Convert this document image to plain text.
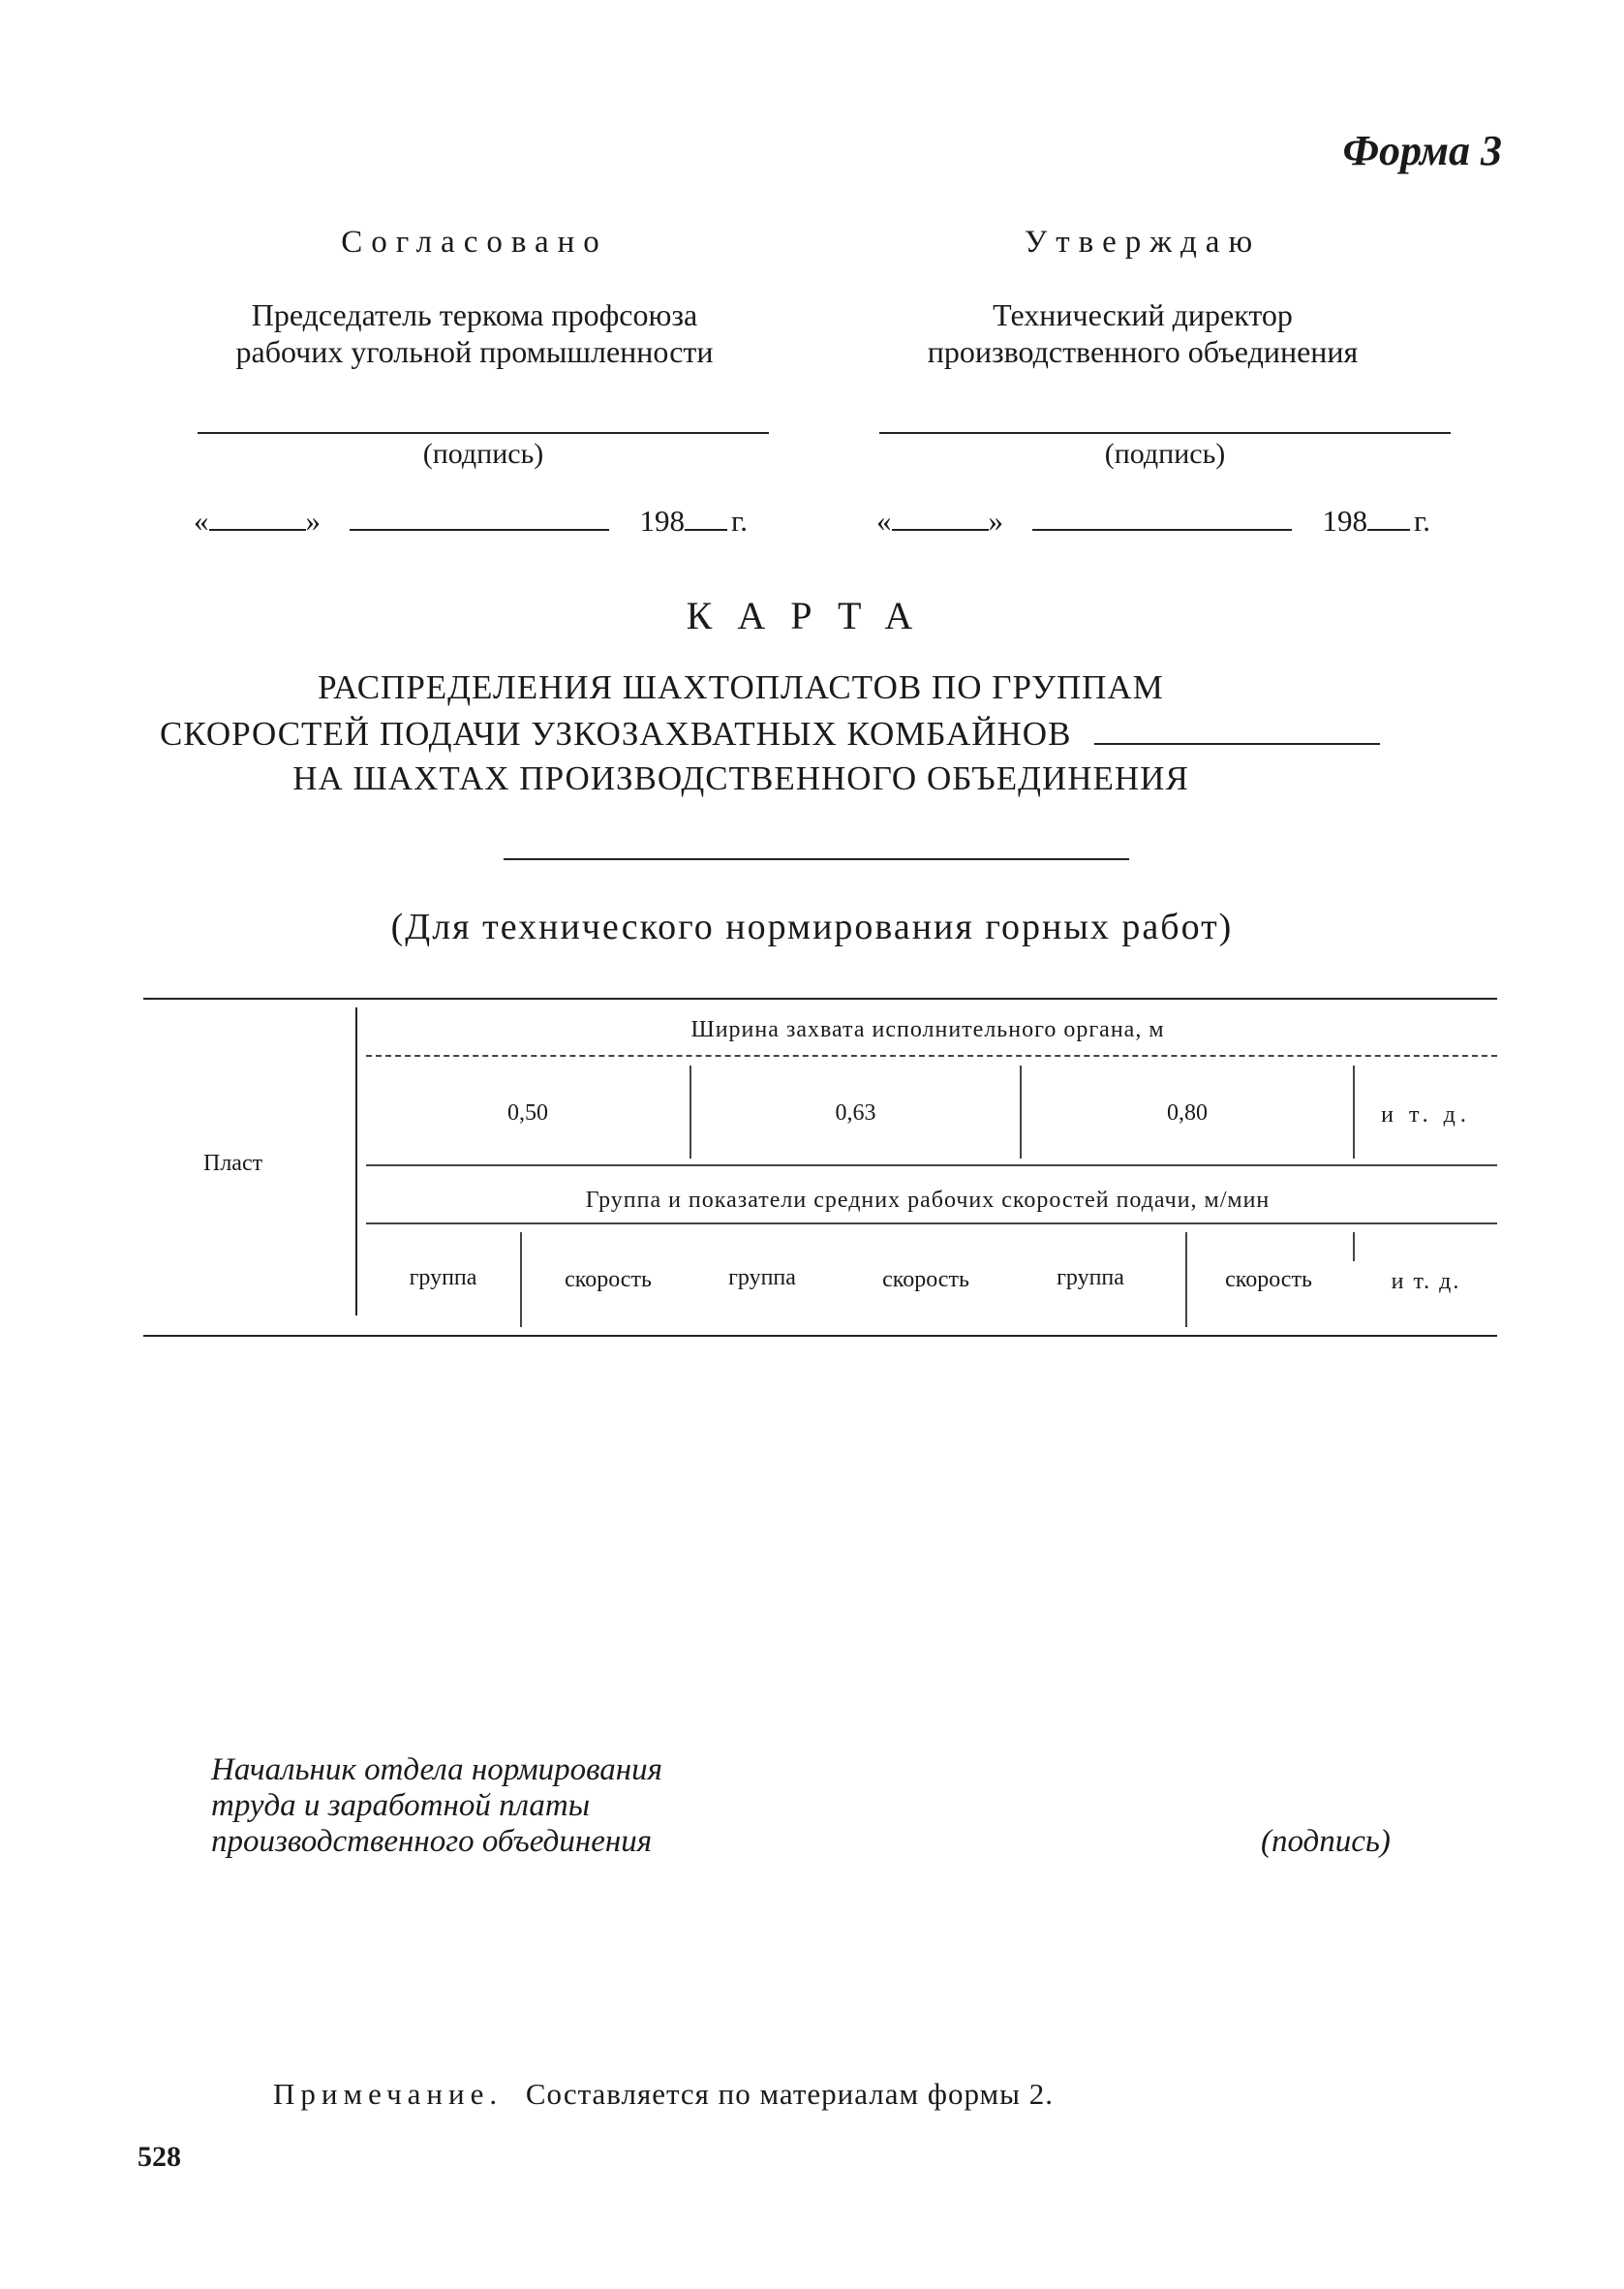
Форма 3
Согласовано
Председатель теркома профсоюза
рабочих угольной промышленности
(подпись)
«	»	198 г.
Утверждаю
Технический директор
производственного объединения
(подпись)
«	»	198 г.
КАРТА
РАСПРЕДЕЛЕНИЯ ШАХТОПЛАСТОВ ПО ГРУППАМ
СКОРОСТЕЙ ПОДАЧИ УЗКОЗАХВАТНЫХ КОМБАЙНОВ
НА ШАХТАХ ПРОИЗВОДСТВЕННОГО ОБЪЕДИНЕНИЯ
(Для технического нормирования горных работ)
Пласт
Ширина захвата исполнительного органа, м
0,50	0,63	0,80	и т. д.
Группа и показатели средних рабочих скоростей подачи, м/мин
группа	скорость	группа	скорость	группа	скорость	и т. д.
Начальник отдела нормирования
труда и заработной платы
производственного объединения	(подпись)
Примечание. Составляется по материалам формы 2.
528
